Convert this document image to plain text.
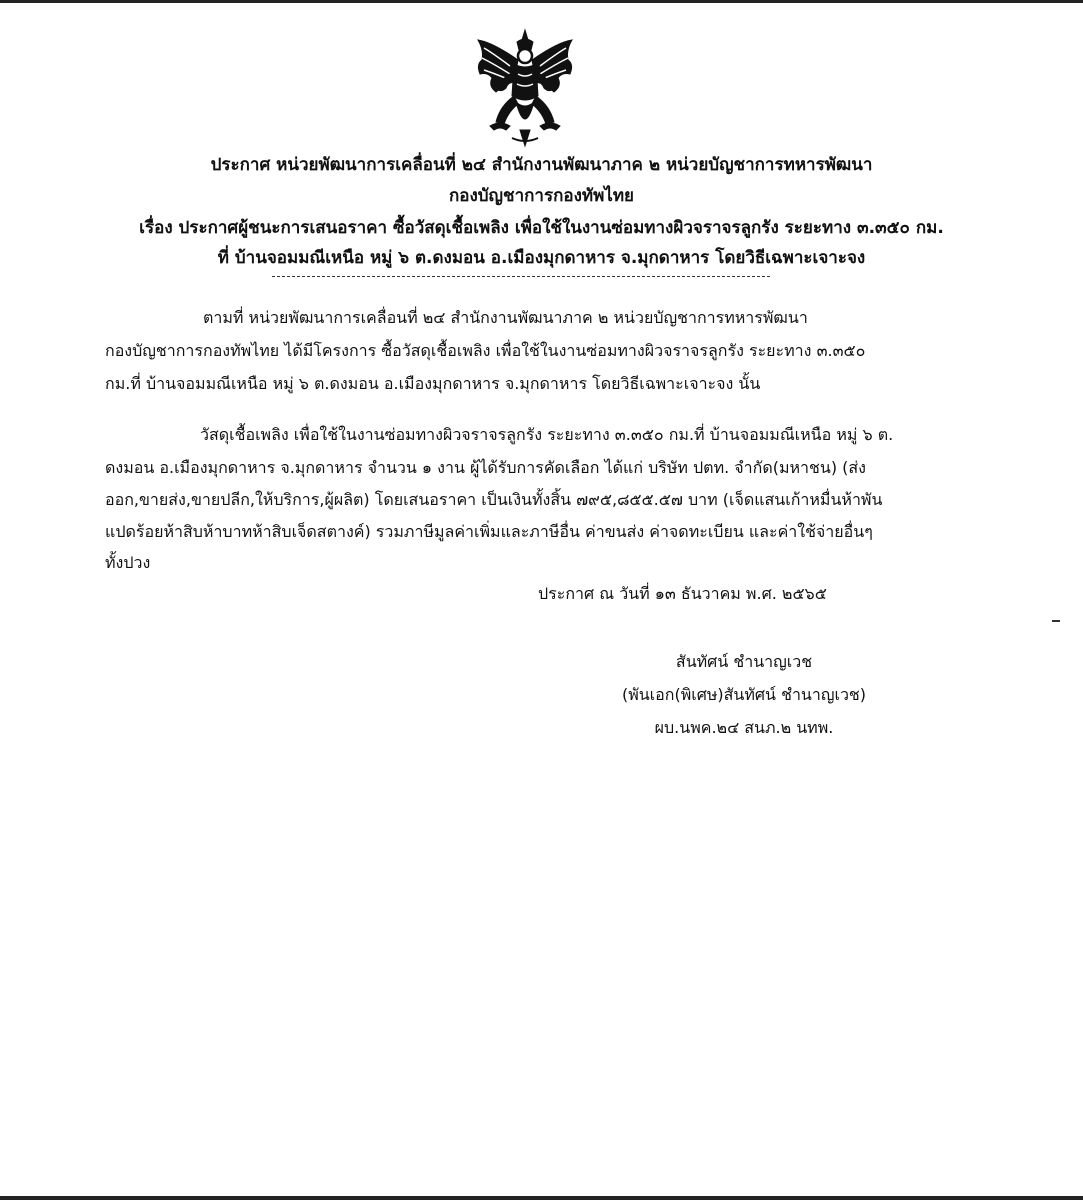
ประกาศ หน่วยพัฒนาการเคลื่อนที่ ๒๔ สำนักงานพัฒนาภาค ๒ หน่วยบัญชาการทหารพัฒนา
กองบัญชาการกองทัพไทย
เรื่อง ประกาศผู้ชนะการเสนอราคา ซื้อวัสดุเชื้อเพลิง เพื่อใช้ในงานซ่อมทางผิวจราจรลูกรัง ระยะทาง ๓.๓๕๐ กม.
ที่ บ้านจอมมณีเหนือ หมู่ ๖ ต.ดงมอน อ.เมืองมุกดาหาร จ.มุกดาหาร โดยวิธีเฉพาะเจาะจง
ตามที่ หน่วยพัฒนาการเคลื่อนที่ ๒๔ สำนักงานพัฒนาภาค ๒ หน่วยบัญชาการทหารพัฒนา
กองบัญชาการกองทัพไทย ได้มีโครงการ ซื้อวัสดุเชื้อเพลิง เพื่อใช้ในงานซ่อมทางผิวจราจรลูกรัง ระยะทาง ๓.๓๕๐
กม.ที่ บ้านจอมมณีเหนือ หมู่ ๖ ต.ดงมอน อ.เมืองมุกดาหาร จ.มุกดาหาร โดยวิธีเฉพาะเจาะจง นั้น
วัสดุเชื้อเพลิง เพื่อใช้ในงานซ่อมทางผิวจราจรลูกรัง ระยะทาง ๓.๓๕๐ กม.ที่ บ้านจอมมณีเหนือ หมู่ ๖ ต.
ดงมอน อ.เมืองมุกดาหาร จ.มุกดาหาร จำนวน ๑ งาน ผู้ได้รับการคัดเลือก ได้แก่ บริษัท ปตท. จำกัด(มหาชน) (ส่ง
ออก,ขายส่ง,ขายปลีก,ให้บริการ,ผู้ผลิต) โดยเสนอราคา เป็นเงินทั้งสิ้น ๗๙๕,๘๕๕.๕๗ บาท (เจ็ดแสนเก้าหมื่นห้าพัน
แปดร้อยห้าสิบห้าบาทห้าสิบเจ็ดสตางค์) รวมภาษีมูลค่าเพิ่มและภาษีอื่น ค่าขนส่ง ค่าจดทะเบียน และค่าใช้จ่ายอื่นๆ
ทั้งปวง
ประกาศ ณ วันที่ ๑๓ ธันวาคม พ.ศ. ๒๕๖๕
สันทัศน์ ชำนาญเวช
(พันเอก(พิเศษ)สันทัศน์ ชำนาญเวช)
ผบ.นพค.๒๔ สนภ.๒ นทพ.
